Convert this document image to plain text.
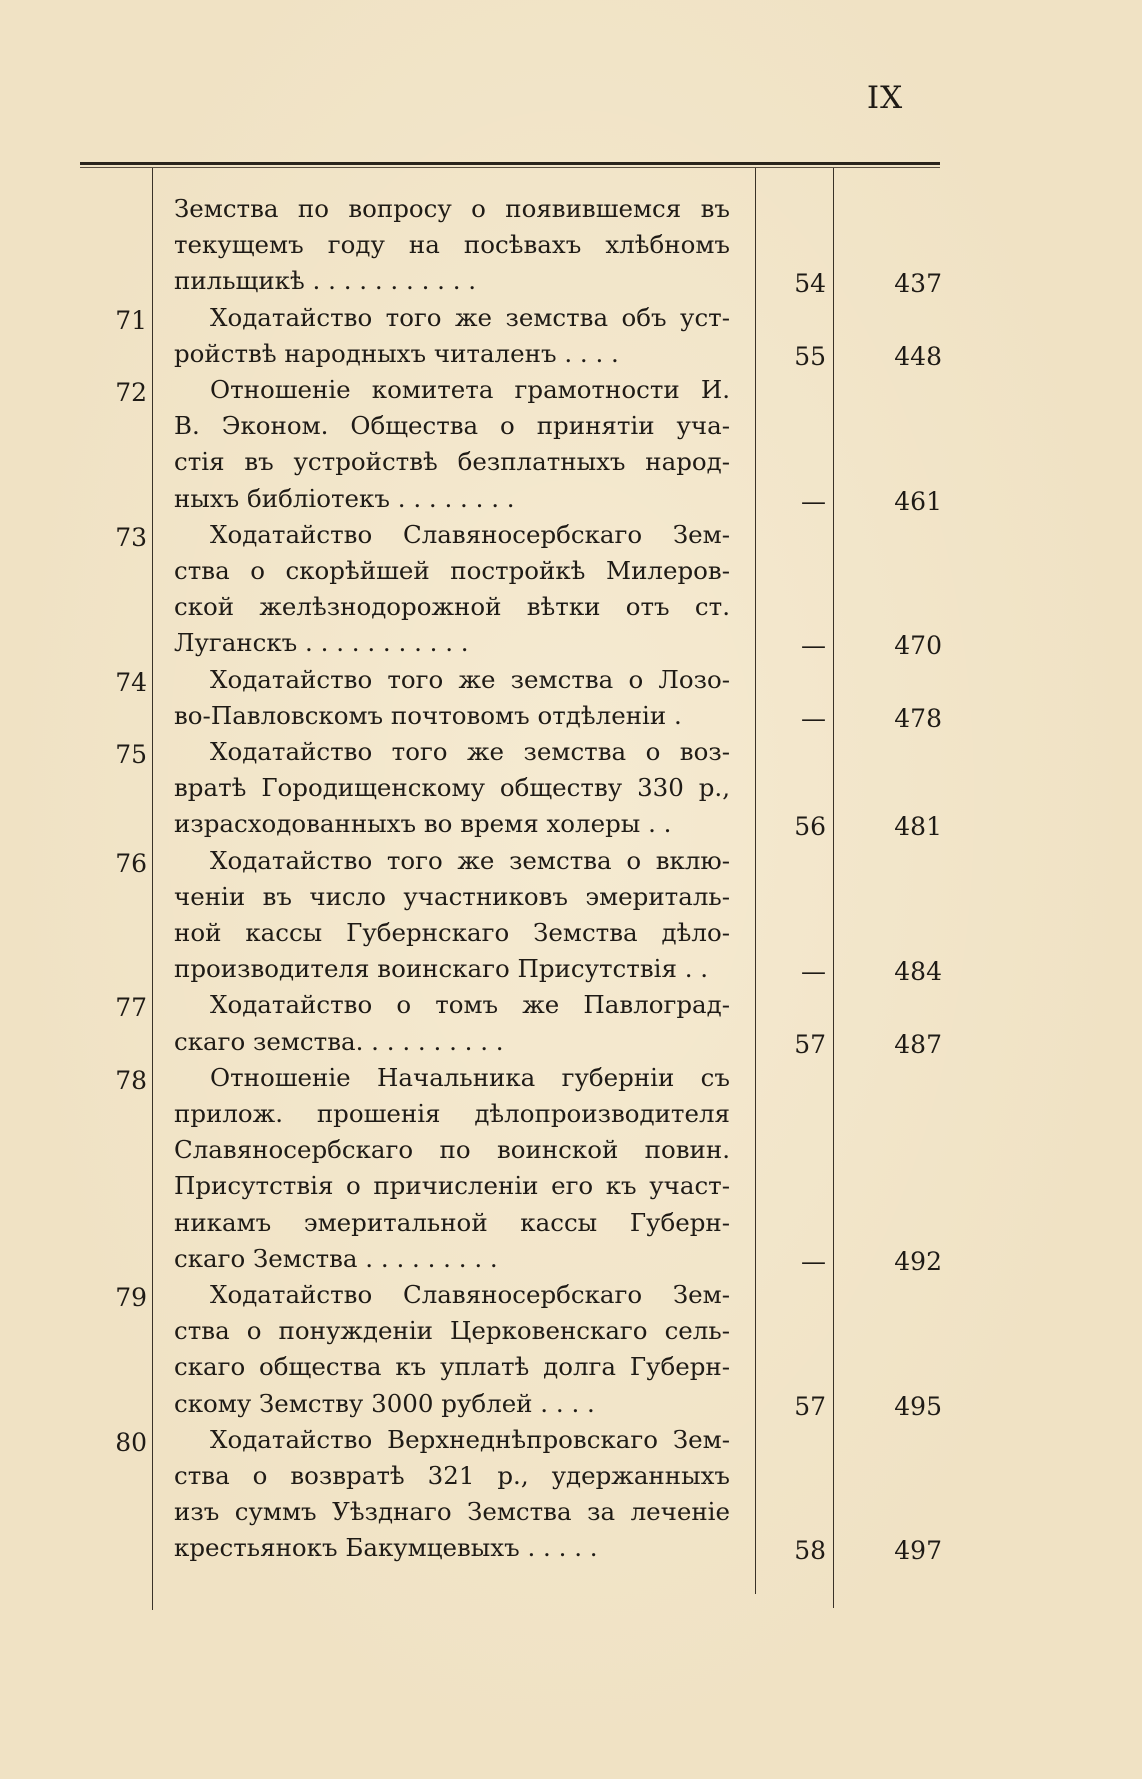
IX
Земства по вопросу о появившемся въ
текущемъ году на посѣвахъ хлѣбномъ
пильщикѣ . . . . . . . . . . .	54	437
71	Ходатайство того же земства объ уст-
ройствѣ народныхъ читаленъ . . . .	55	448
72	Отношеніе комитета грамотности И.
В. Эконом. Общества о принятіи уча-
стія въ устройствѣ безплатныхъ народ-
ныхъ библіотекъ . . . . . . . .	—	461
73	Ходатайство Славяносербскаго Зем-
ства о скорѣйшей постройкѣ Милеров-
ской желѣзнодорожной вѣтки отъ ст.
Луганскъ . . . . . . . . . . .	—	470
74	Ходатайство того же земства о Лозо-
во-Павловскомъ почтовомъ отдѣленіи .	—	478
75	Ходатайство того же земства о воз-
вратѣ Городищенскому обществу 330 р.,
израсходованныхъ во время холеры . .	56	481
76	Ходатайство того же земства о вклю-
ченіи въ число участниковъ эмериталь-
ной кассы Губернскаго Земства дѣло-
производителя воинскаго Присутствія . .	—	484
77	Ходатайство о томъ же Павлоград-
скаго земства. . . . . . . . . .	57	487
78	Отношеніе Начальника губерніи съ
прилож. прошенія дѣлопроизводителя
Славяносербскаго по воинской повин.
Присутствія о причисленіи его къ участ-
никамъ эмеритальной кассы Губерн-
скаго Земства . . . . . . . . .	—	492
79	Ходатайство Славяносербскаго Зем-
ства о понужденіи Церковенскаго сель-
скаго общества къ уплатѣ долга Губерн-
скому Земству 3000 рублей . . . .	57	495
80	Ходатайство Верхнеднѣпровскаго Зем-
ства о возвратѣ 321 р., удержанныхъ
изъ суммъ Уѣзднаго Земства за леченіе
крестьянокъ Бакумцевыхъ . . . . .	58	497
